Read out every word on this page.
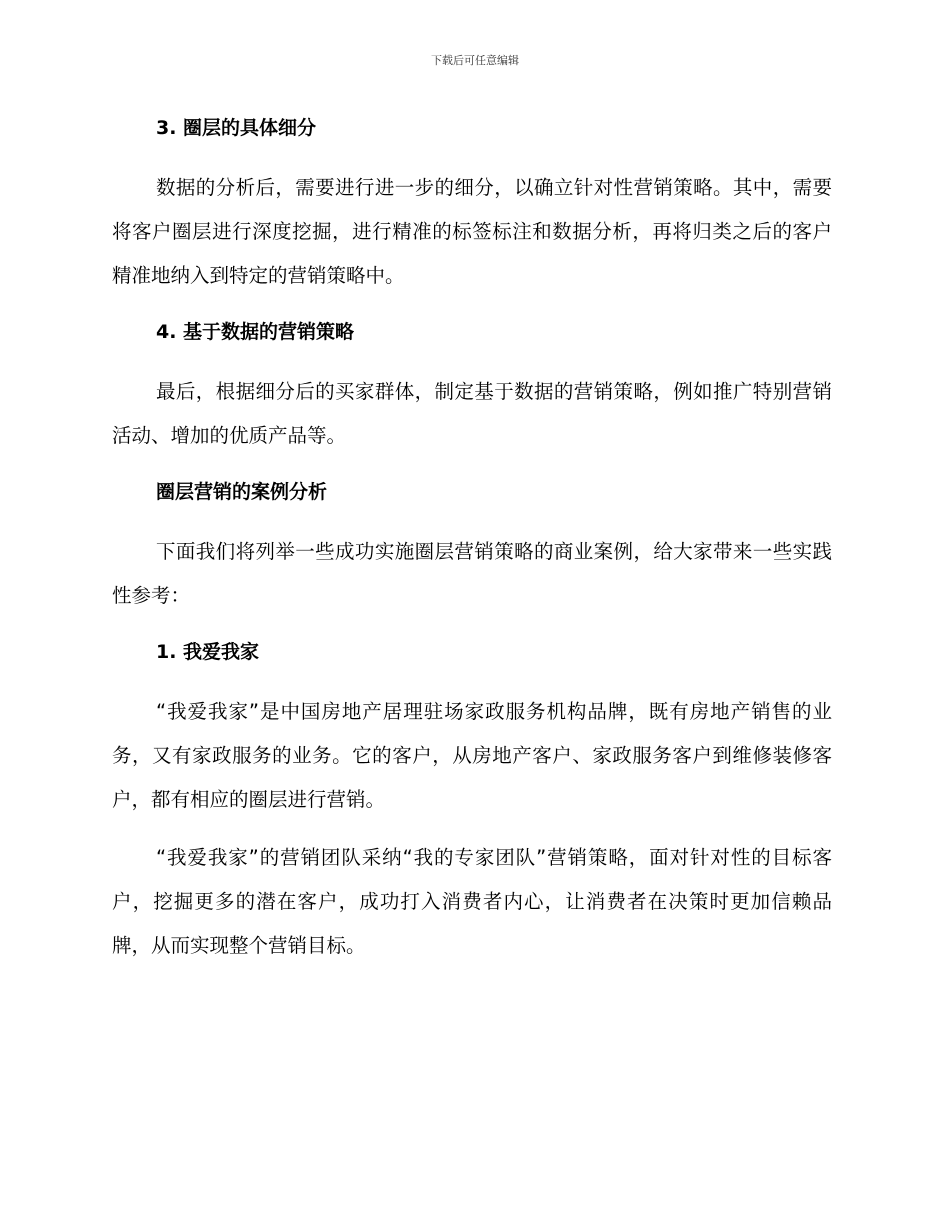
下载后可任意编辑
3. 圈层的具体细分

数据的分析后，需要进行进一步的细分，以确立针对性营销策略。其中，需要将客户圈层进行深度挖掘，进行精准的标签标注和数据分析，再将归类之后的客户精准地纳入到特定的营销策略中。

4. 基于数据的营销策略

最后，根据细分后的买家群体，制定基于数据的营销策略，例如推广特别营销活动、增加的优质产品等。

圈层营销的案例分析

下面我们将列举一些成功实施圈层营销策略的商业案例，给大家带来一些实践性参考：

1. 我爱我家

“我爱我家”是中国房地产居理驻场家政服务机构品牌，既有房地产销售的业务，又有家政服务的业务。它的客户，从房地产客户、家政服务客户到维修装修客户，都有相应的圈层进行营销。

“我爱我家”的营销团队采纳“我的专家团队”营销策略，面对针对性的目标客户，挖掘更多的潜在客户，成功打入消费者内心，让消费者在决策时更加信赖品牌，从而实现整个营销目标。
